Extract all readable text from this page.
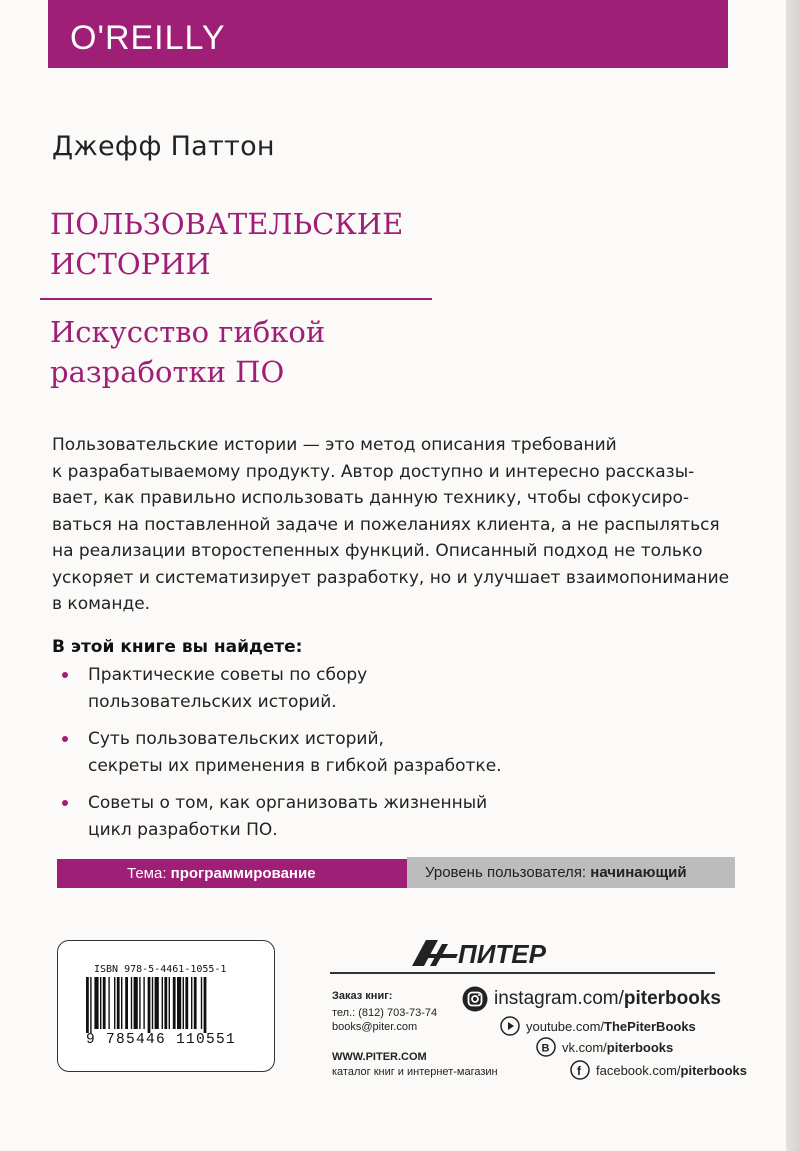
O'REILLY
Джефф Паттон
ПОЛЬЗОВАТЕЛЬСКИЕ
ИСТОРИИ
Искусство гибкой
разработки ПО
Пользовательские истории — это метод описания требований
к разрабатываемому продукту. Автор доступно и интересно рассказы-
вает, как правильно использовать данную технику, чтобы сфокусиро-
ваться на поставленной задаче и пожеланиях клиента, а не распыляться
на реализации второстепенных функций. Описанный подход не только
ускоряет и систематизирует разработку, но и улучшает взаимопонимание
в команде.
В этой книге вы найдете:
Практические советы по сбору
пользовательских историй.
Суть пользовательских историй,
секреты их применения в гибкой разработке.
Советы о том, как организовать жизненный
цикл разработки ПО.
Тема: программирование	Уровень пользователя: начинающий
ISBN 978-5-4461-1055-1
9 785446 110551
ПИТЕР
Заказ книг:
тел.: (812) 703-73-74
books@piter.com
WWW.PITER.COM
каталог книг и интернет-магазин
instagram.com/ piterbooks
youtube.com/ ThePiterBooks
B vk.com/ piterbooks
f facebook.com/ piterbooks
